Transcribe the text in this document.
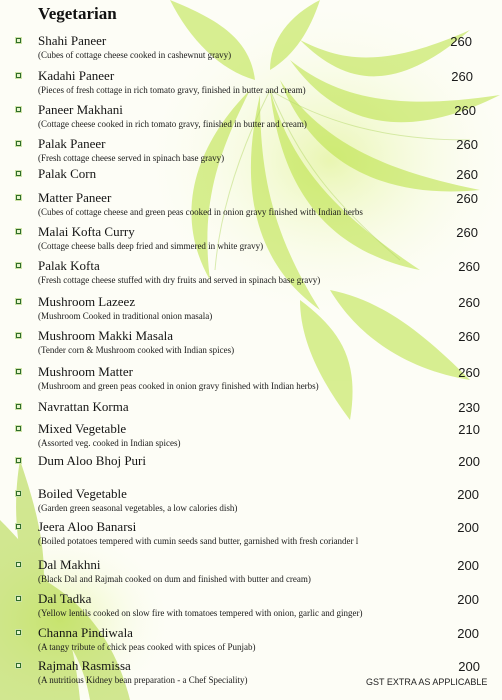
Vegetarian
Shahi Paneer
(Cubes of cottage cheese cooked in cashewnut gravy)
260
Kadahi Paneer
(Pieces of fresh cottage in rich tomato gravy, finished in butter and cream)
260
Paneer Makhani
(Cottage cheese cooked in rich tomato gravy, finished in butter and cream)
260
Palak Paneer
(Fresh cottage cheese served in spinach base gravy)
260
Palak Corn	260
Matter Paneer
(Cubes of cottage cheese and green peas cooked in onion gravy finished with Indian herbs
260
Malai Kofta Curry
(Cottage cheese balls deep fried and simmered in white gravy)
260
Palak Kofta
(Fresh cottage cheese stuffed with dry fruits and served in spinach base gravy)
260
Mushroom Lazeez
(Mushroom Cooked in traditional onion masala)
260
Mushroom Makki Masala
(Tender corn & Mushroom cooked with Indian spices)
260
Mushroom Matter
(Mushroom and green peas cooked in onion gravy finished with Indian herbs)
260
Navrattan Korma	230
Mixed Vegetable
(Assorted veg. cooked in Indian spices)
210
Dum Aloo Bhoj Puri	200
Boiled Vegetable
(Garden green seasonal vegetables, a low calories dish)
200
Jeera Aloo Banarsi
(Boiled potatoes tempered with cumin seeds sand butter, garnished with fresh coriander l
200
Dal Makhni
(Black Dal and Rajmah cooked on dum and finished with butter and cream)
200
Dal Tadka
(Yellow lentils cooked on slow fire with tomatoes tempered with onion, garlic and ginger)
200
Channa Pindiwala
(A tangy tribute of chick peas cooked with spices of Punjab)
200
Rajmah Rasmissa
(A nutritious Kidney bean preparation - a Chef Speciality)
200
GST EXTRA AS APPLICABLE
